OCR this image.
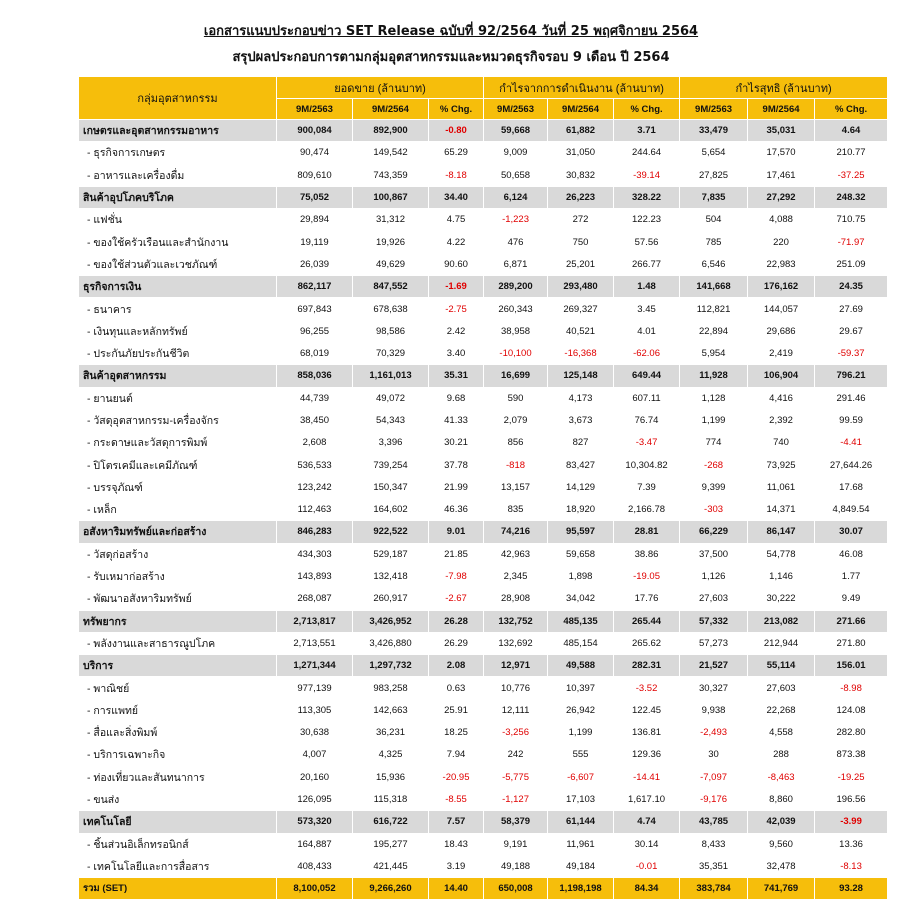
เอกสารแนบประกอบข่าว SET Release ฉบับที่ 92/2564 วันที่ 25 พฤศจิกายน 2564
สรุปผลประกอบการตามกลุ่มอุตสาหกรรมและหมวดธุรกิจรอบ 9 เดือน ปี 2564
กลุ่มอุตสาหกรรม	ยอดขาย (ล้านบาท)			กำไรจากการดำเนินงาน (ล้านบาท)			กำไรสุทธิ (ล้านบาท)		
	9M/2563	9M/2564	% Chg.	9M/2563	9M/2564	% Chg.	9M/2563	9M/2564	% Chg.
เกษตรและอุตสาหกรรมอาหาร	900,084	892,900	-0.80	59,668	61,882	3.71	33,479	35,031	4.64
- ธุรกิจการเกษตร	90,474	149,542	65.29	9,009	31,050	244.64	5,654	17,570	210.77
- อาหารและเครื่องดื่ม	809,610	743,359	-8.18	50,658	30,832	-39.14	27,825	17,461	-37.25
สินค้าอุปโภคบริโภค	75,052	100,867	34.40	6,124	26,223	328.22	7,835	27,292	248.32
- แฟชั่น	29,894	31,312	4.75	-1,223	272	122.23	504	4,088	710.75
- ของใช้ครัวเรือนและสำนักงาน	19,119	19,926	4.22	476	750	57.56	785	220	-71.97
- ของใช้ส่วนตัวและเวชภัณฑ์	26,039	49,629	90.60	6,871	25,201	266.77	6,546	22,983	251.09
ธุรกิจการเงิน	862,117	847,552	-1.69	289,200	293,480	1.48	141,668	176,162	24.35
- ธนาคาร	697,843	678,638	-2.75	260,343	269,327	3.45	112,821	144,057	27.69
- เงินทุนและหลักทรัพย์	96,255	98,586	2.42	38,958	40,521	4.01	22,894	29,686	29.67
- ประกันภัยประกันชีวิต	68,019	70,329	3.40	-10,100	-16,368	-62.06	5,954	2,419	-59.37
สินค้าอุตสาหกรรม	858,036	1,161,013	35.31	16,699	125,148	649.44	11,928	106,904	796.21
- ยานยนต์	44,739	49,072	9.68	590	4,173	607.11	1,128	4,416	291.46
- วัสดุอุตสาหกรรม-เครื่องจักร	38,450	54,343	41.33	2,079	3,673	76.74	1,199	2,392	99.59
- กระดาษและวัสดุการพิมพ์	2,608	3,396	30.21	856	827	-3.47	774	740	-4.41
- ปิโตรเคมีและเคมีภัณฑ์	536,533	739,254	37.78	-818	83,427	10,304.82	-268	73,925	27,644.26
- บรรจุภัณฑ์	123,242	150,347	21.99	13,157	14,129	7.39	9,399	11,061	17.68
- เหล็ก	112,463	164,602	46.36	835	18,920	2,166.78	-303	14,371	4,849.54
อสังหาริมทรัพย์และก่อสร้าง	846,283	922,522	9.01	74,216	95,597	28.81	66,229	86,147	30.07
- วัสดุก่อสร้าง	434,303	529,187	21.85	42,963	59,658	38.86	37,500	54,778	46.08
- รับเหมาก่อสร้าง	143,893	132,418	-7.98	2,345	1,898	-19.05	1,126	1,146	1.77
- พัฒนาอสังหาริมทรัพย์	268,087	260,917	-2.67	28,908	34,042	17.76	27,603	30,222	9.49
ทรัพยากร	2,713,817	3,426,952	26.28	132,752	485,135	265.44	57,332	213,082	271.66
- พลังงานและสาธารณูปโภค	2,713,551	3,426,880	26.29	132,692	485,154	265.62	57,273	212,944	271.80
บริการ	1,271,344	1,297,732	2.08	12,971	49,588	282.31	21,527	55,114	156.01
- พาณิชย์	977,139	983,258	0.63	10,776	10,397	-3.52	30,327	27,603	-8.98
- การแพทย์	113,305	142,663	25.91	12,111	26,942	122.45	9,938	22,268	124.08
- สื่อและสิ่งพิมพ์	30,638	36,231	18.25	-3,256	1,199	136.81	-2,493	4,558	282.80
- บริการเฉพาะกิจ	4,007	4,325	7.94	242	555	129.36	30	288	873.38
- ท่องเที่ยวและสันทนาการ	20,160	15,936	-20.95	-5,775	-6,607	-14.41	-7,097	-8,463	-19.25
- ขนส่ง	126,095	115,318	-8.55	-1,127	17,103	1,617.10	-9,176	8,860	196.56
เทคโนโลยี	573,320	616,722	7.57	58,379	61,144	4.74	43,785	42,039	-3.99
- ชิ้นส่วนอิเล็กทรอนิกส์	164,887	195,277	18.43	9,191	11,961	30.14	8,433	9,560	13.36
- เทคโนโลยีและการสื่อสาร	408,433	421,445	3.19	49,188	49,184	-0.01	35,351	32,478	-8.13
รวม (SET)	8,100,052	9,266,260	14.40	650,008	1,198,198	84.34	383,784	741,769	93.28
